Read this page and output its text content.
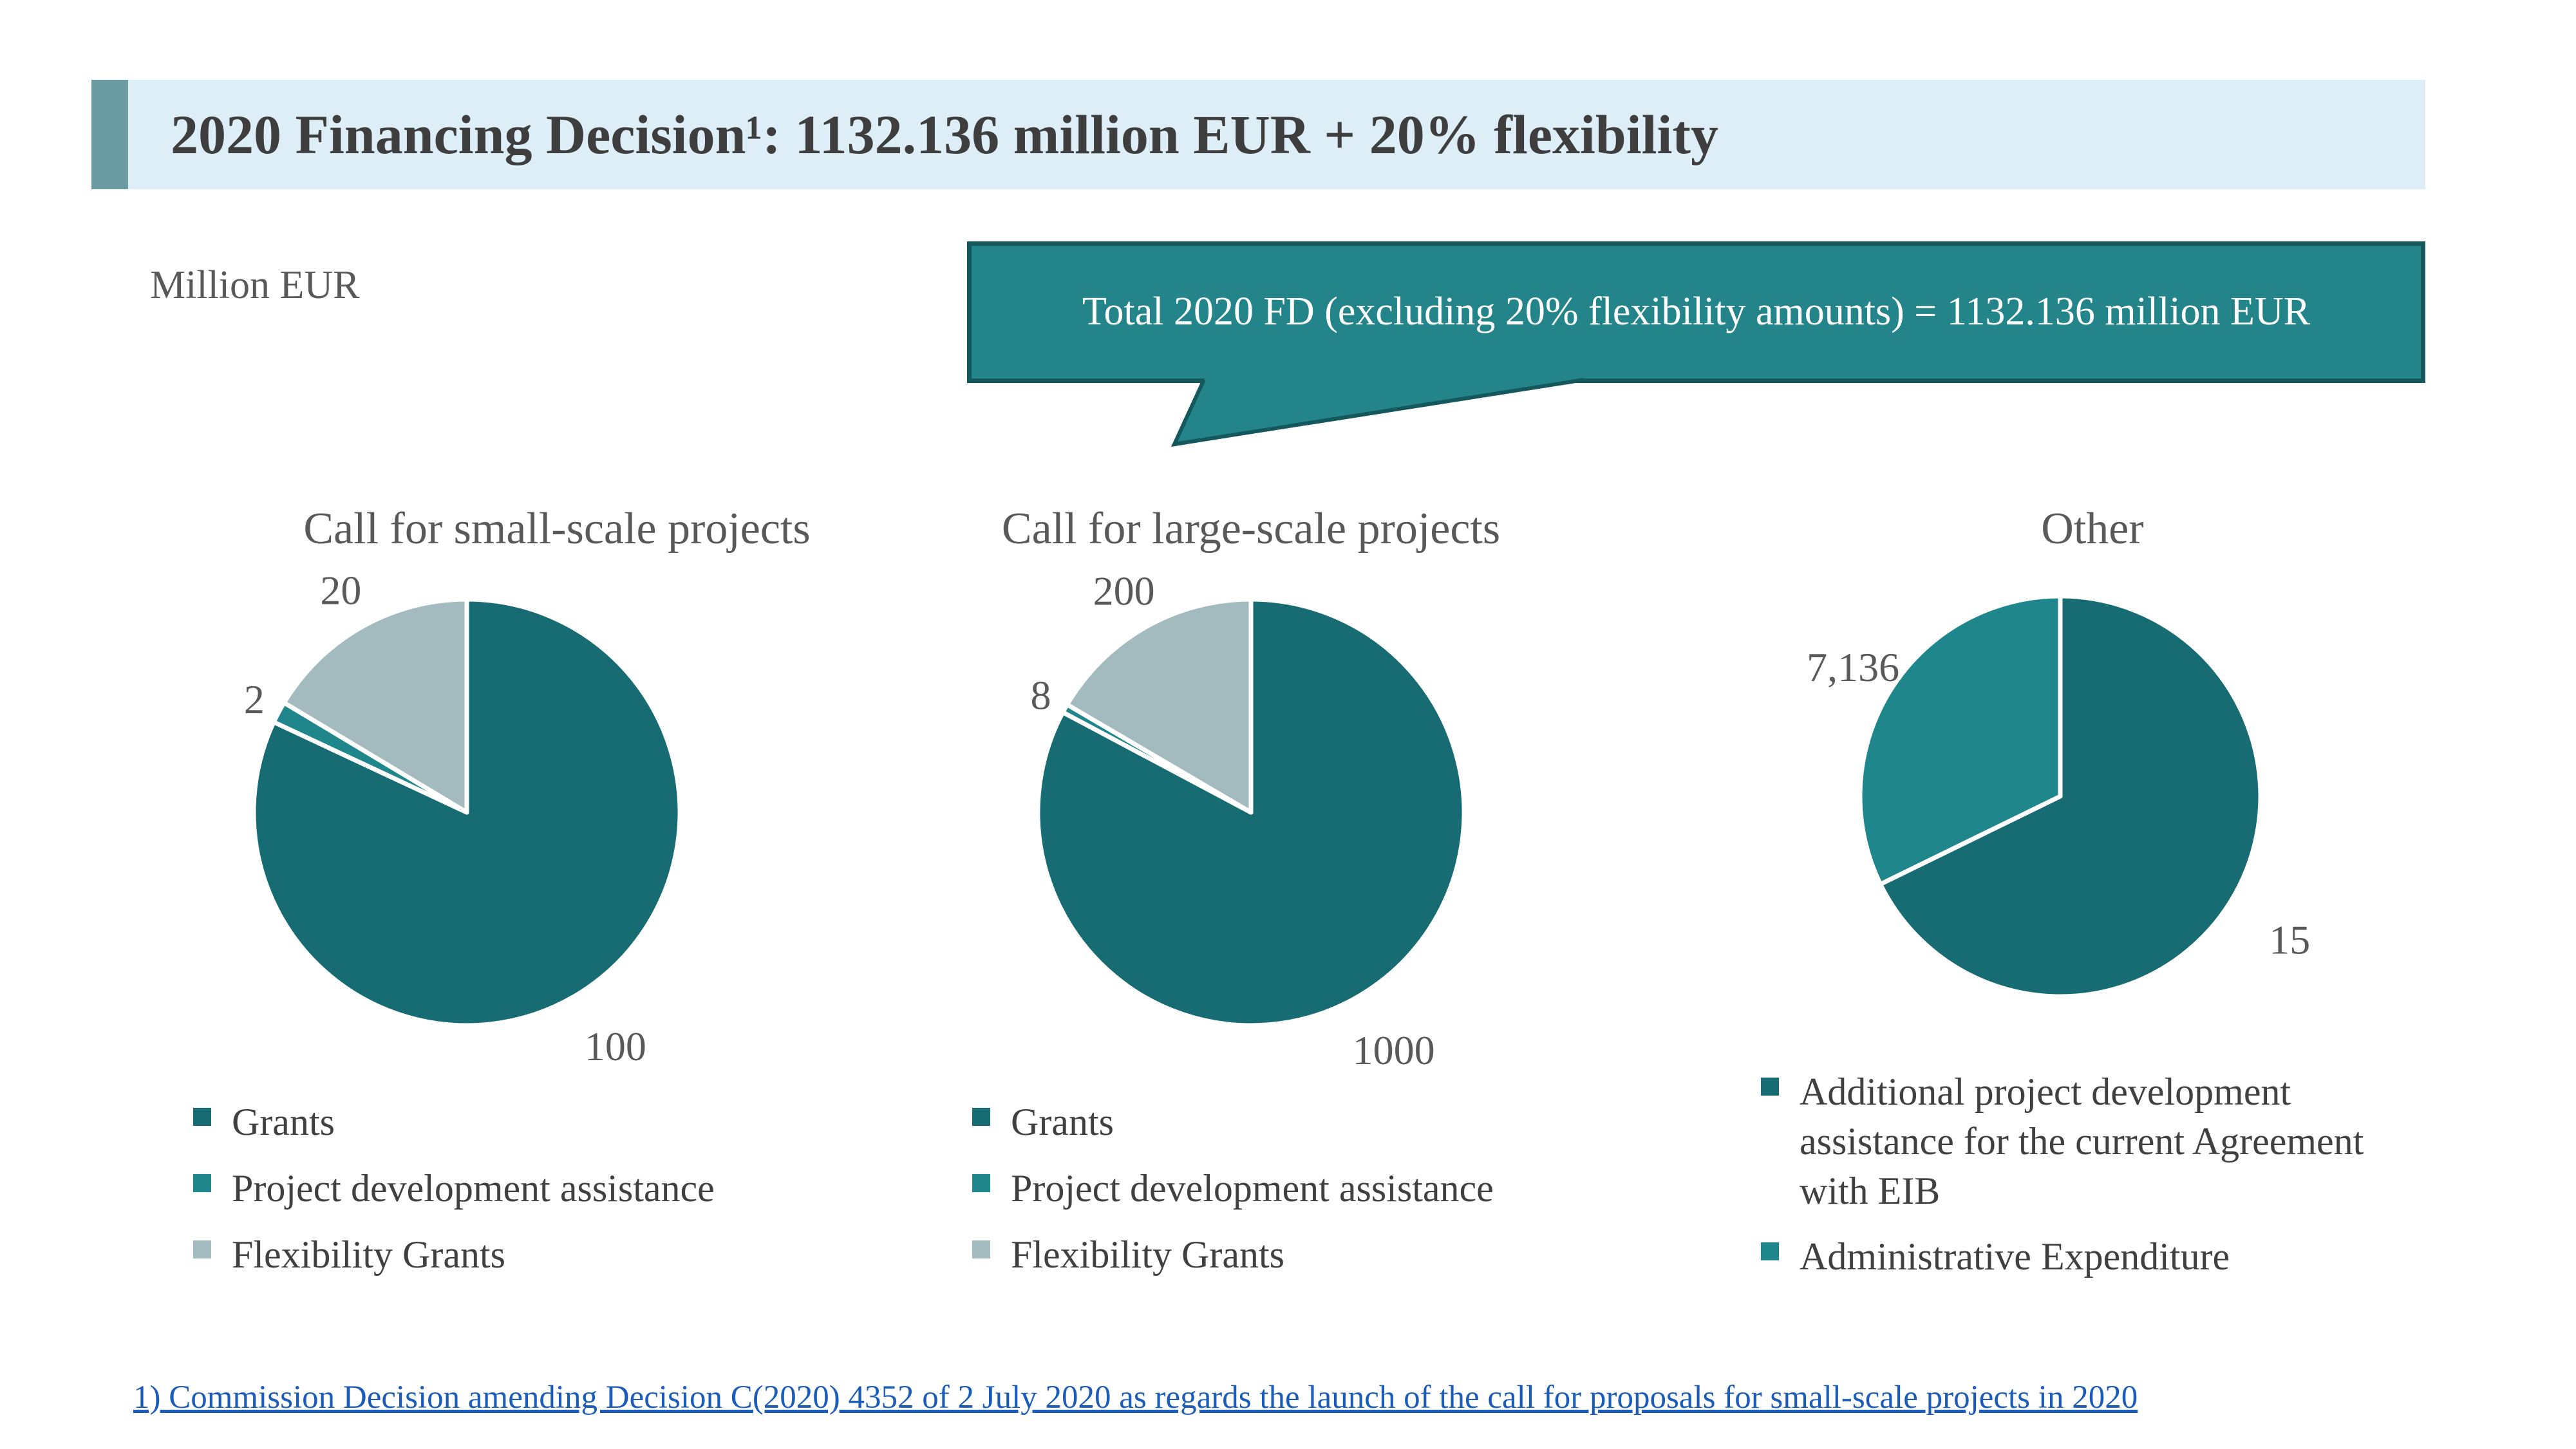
2020 Financing Decision¹: 1132.136 million EUR + 20% flexibility
Million EUR
Total 2020 FD (excluding 20% flexibility amounts) = 1132.136 million EUR
100
2
20
1000
8
200
15
7,136
Call for small-scale projects	Call for large-scale projects	Other
Grants
Project development assistance
Flexibility Grants
Grants
Project development assistance
Flexibility Grants
Additional project development assistance for the current Agreement with EIB
Administrative Expenditure
1) Commission Decision amending Decision C(2020) 4352 of 2 July 2020 as regards the launch of the call for proposals for small-scale projects in 2020
